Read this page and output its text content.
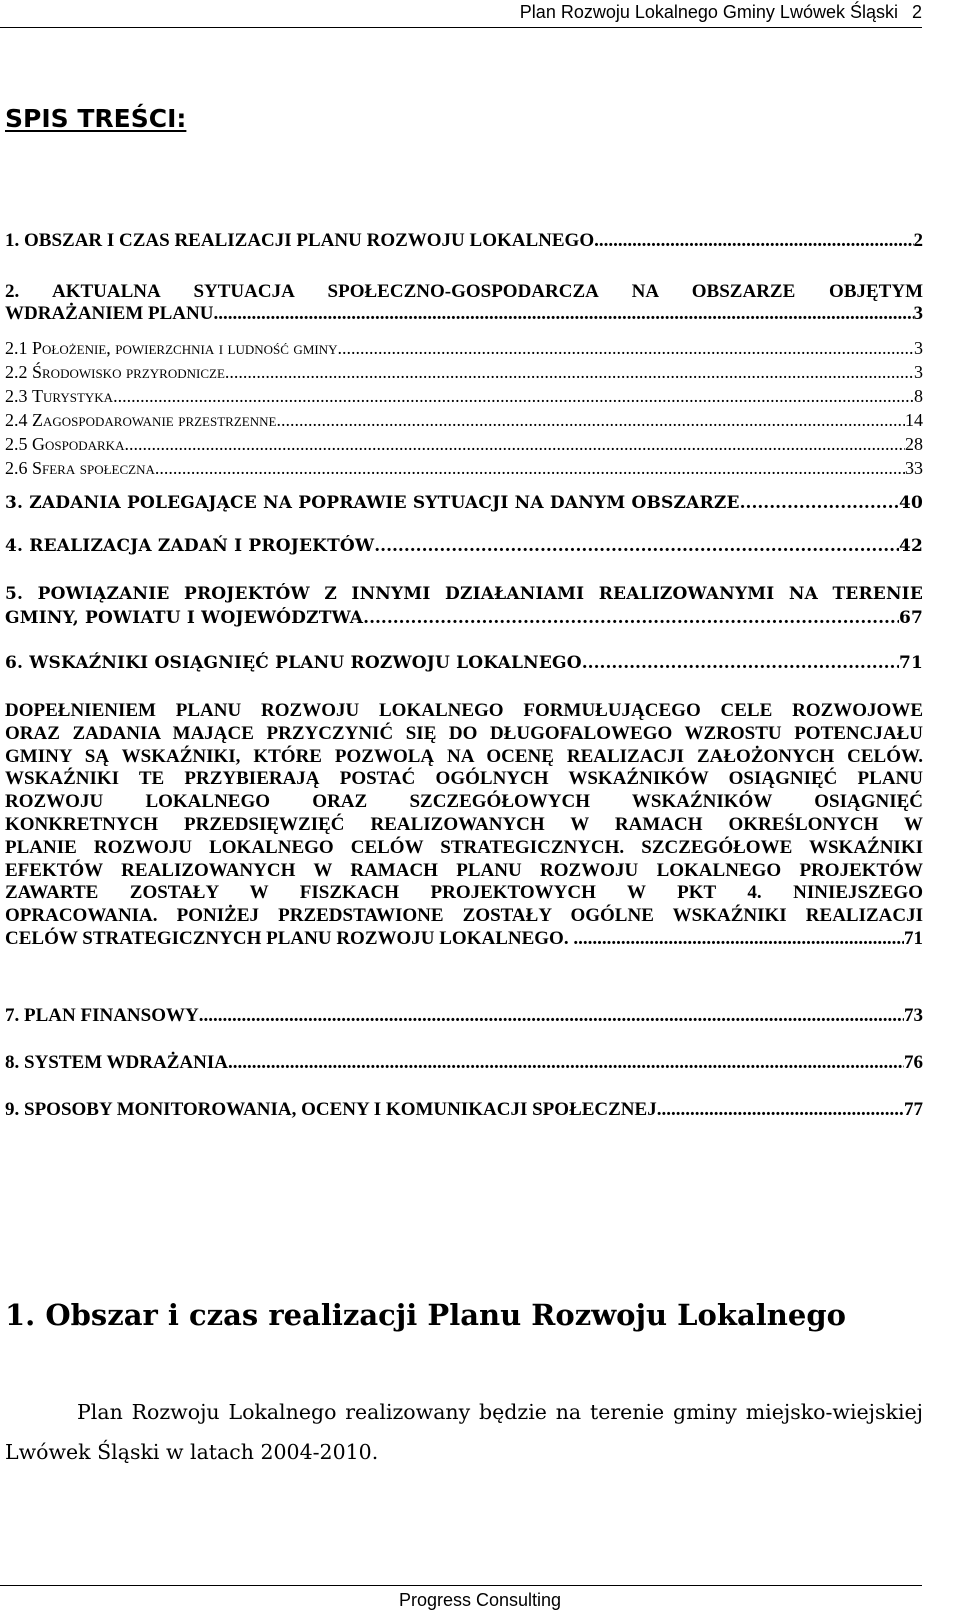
Plan Rozwoju Lokalnego Gminy Lwówek Śląski 2
SPIS TREŚCI:
1. OBSZAR I CZAS REALIZACJI PLANU ROZWOJU LOKALNEGO .....	2
2. AKTUALNA SYTUACJA SPOŁECZNO-GOSPODARCZA NA OBSZARZE OBJĘTYM
WDRAŻANIEM PLANU .....	3
2.1 Położenie, powierzchnia i ludność gminy .....	3
2.2 Środowisko przyrodnicze .....	3
2.3 Turystyka .....	8
2.4 Zagospodarowanie przestrzenne .....	14
2.5 Gospodarka .....	28
2.6 Sfera społeczna .....	33
3. ZADANIA POLEGAJĄCE NA POPRAWIE SYTUACJI NA DANYM OBSZARZE .....	40
4. REALIZACJA ZADAŃ I PROJEKTÓW .....	42
5. POWIĄZANIE PROJEKTÓW Z INNYMI DZIAŁANIAMI REALIZOWANYMI NA TERENIE
GMINY, POWIATU I WOJEWÓDZTWA .....	67
6. WSKAŹNIKI OSIĄGNIĘĆ PLANU ROZWOJU LOKALNEGO .....	71
DOPEŁNIENIEM PLANU ROZWOJU LOKALNEGO FORMUŁUJĄCEGO CELE ROZWOJOWE
ORAZ ZADANIA MAJĄCE PRZYCZYNIĆ SIĘ DO DŁUGOFALOWEGO WZROSTU POTENCJAŁU
GMINY SĄ WSKAŹNIKI, KTÓRE POZWOLĄ NA OCENĘ REALIZACJI ZAŁOŻONYCH CELÓW.
WSKAŹNIKI TE PRZYBIERAJĄ POSTAĆ OGÓLNYCH WSKAŹNIKÓW OSIĄGNIĘĆ PLANU
ROZWOJU LOKALNEGO ORAZ SZCZEGÓŁOWYCH WSKAŹNIKÓW OSIĄGNIĘĆ
KONKRETNYCH PRZEDSIĘWZIĘĆ REALIZOWANYCH W RAMACH OKREŚLONYCH W
PLANIE ROZWOJU LOKALNEGO CELÓW STRATEGICZNYCH. SZCZEGÓŁOWE WSKAŹNIKI
EFEKTÓW REALIZOWANYCH W RAMACH PLANU ROZWOJU LOKALNEGO PROJEKTÓW
ZAWARTE ZOSTAŁY W FISZKACH PROJEKTOWYCH W PKT 4. NINIEJSZEGO
OPRACOWANIA. PONIŻEJ PRZEDSTAWIONE ZOSTAŁY OGÓLNE WSKAŹNIKI REALIZACJI
CELÓW STRATEGICZNYCH PLANU ROZWOJU LOKALNEGO. .....	71
7. PLAN FINANSOWY .....	73
8. SYSTEM WDRAŻANIA .....	76
9. SPOSOBY MONITOROWANIA, OCENY I KOMUNIKACJI SPOŁECZNEJ .....	77
1. Obszar i czas realizacji Planu Rozwoju Lokalnego

Plan Rozwoju Lokalnego realizowany będzie na terenie gminy miejsko-wiejskiej Lwówek Śląski w latach 2004-2010.

Progress Consulting
